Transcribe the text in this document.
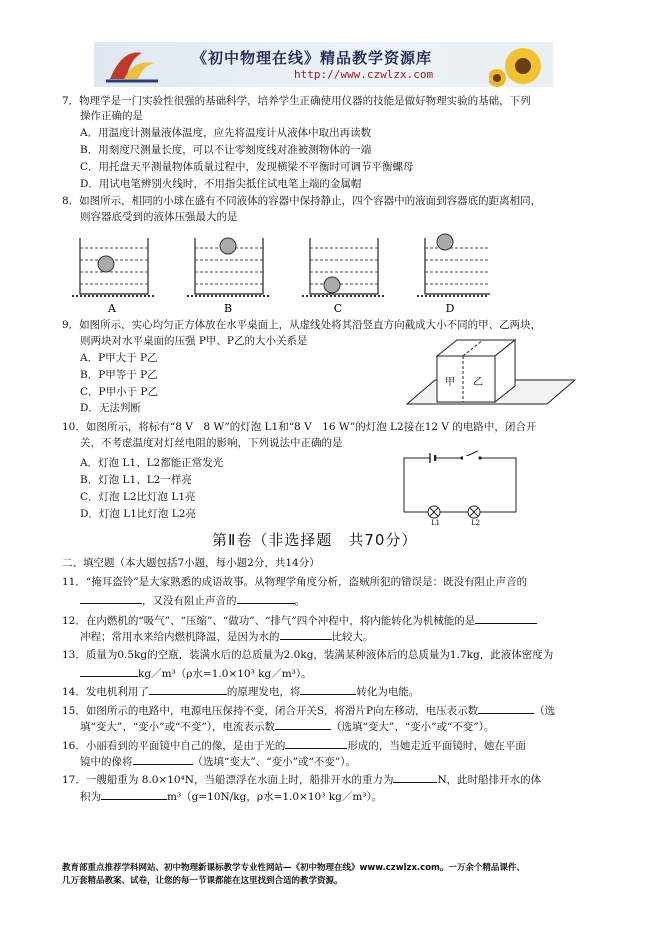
《初中物理在线》精品教学资源库
http://www.czwlzx.com
7．物理学是一门实验性很强的基础科学，培养学生正确使用仪器的技能是做好物理实验的基础，下列
操作正确的是
A．用温度计测量液体温度，应先将温度计从液体中取出再读数
B．用刻度尺测量长度，可以不让零刻度线对准被测物体的一端
C．用托盘天平测量物体质量过程中，发现横梁不平衡时可调节平衡螺母
D．用试电笔辨别火线时，不用指尖抵住试电笔上端的金属帽
8．如图所示，相同的小球在盛有不同液体的容器中保持静止，四个容器中的液面到容器底的距离相同，
则容器底受到的液体压强最大的是
A	B	C	D
9．如图所示，实心均匀正方体放在水平桌面上，从虚线处将其沿竖直方向截成大小不同的甲、乙两块，
则两块对水平桌面的压强 P甲、P乙的大小关系是
A．P甲大于 P乙
B．P甲等于 P乙
C．P甲小于 P乙
D．无法判断
甲 乙
10．如图所示，将标有“8 V　8 W”的灯泡 L1和“8 V　16 W”的灯泡 L2接在12 V 的电路中，闭合开
关，不考虑温度对灯丝电阻的影响，下列说法中正确的是
A．灯泡 L1、L2都能正常发光
B．灯泡 L1、L2一样亮
C．灯泡 L2比灯泡 L1亮
D．灯泡 L1比灯泡 L2亮
L1	L2
第Ⅱ卷（非选择题　共70分）
二、填空题（本大题包括7小题，每小题2分，共14分）
11．“掩耳盗铃”是大家熟悉的成语故事。从物理学角度分析，盗贼所犯的错误是：既没有阻止声音的
，又没有阻止声音的	。
12．在内燃机的“吸气”、“压缩”、“做功”、“排气”四个冲程中，将内能转化为机械能的是
冲程；常用水来给内燃机降温，是因为水的	比较大。
13．质量为0.5kg的空瓶，装满水后的总质量为2.0kg，装满某种液体后的总质量为1.7kg，此液体密度为
kg／m³（ρ水=1.0×10³ kg／m³）。
14．发电机利用了	的原理发电，将	转化为电能。
15．如图所示的电路中，电源电压保持不变，闭合开关S，将滑片P向左移动，电压表示数	（选
填“变大”、“变小”或“不变”），电流表示数	（选填“变大”、“变小”或“不变”）。
16．小丽看到的平面镜中自己的像，是由于光的	形成的，当她走近平面镜时，她在平面
镜中的像将	（选填“变大”、“变小”或“不变”）。
17．一艘船重为 8.0×10⁴N，当船漂浮在水面上时，船排开水的重力为	N，此时船排开水的体
积为	m³（g=10N/kg，ρ水=1.0×10³ kg／m³）。
教育部重点推荐学科网站、初中物理新课标教学专业性网站—《初中物理在线》www.czwlzx.com。一万余个精品课件、
几万套精品教案、试卷，让您的每一节课都能在这里找到合适的教学资源。
